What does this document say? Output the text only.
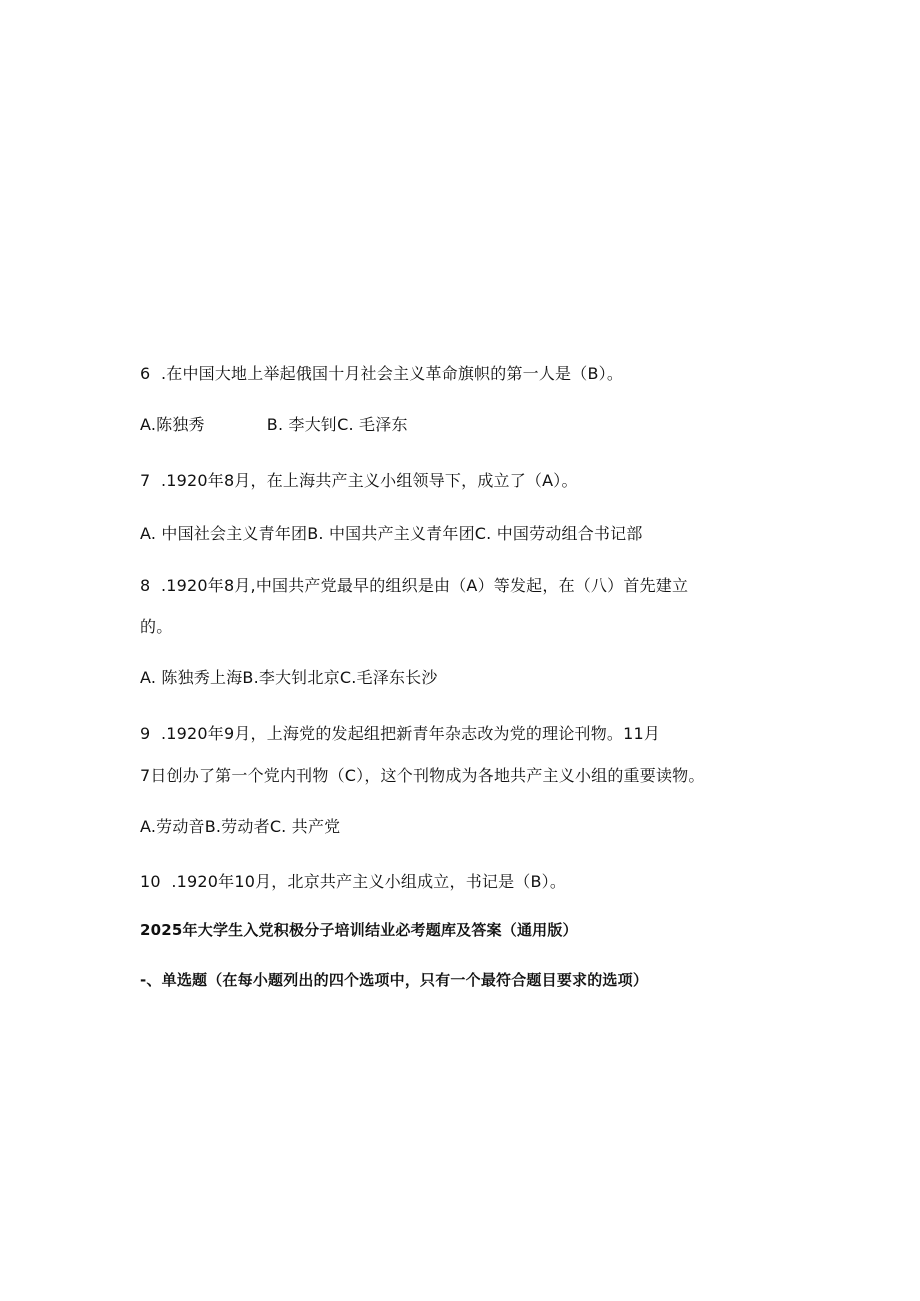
6  .在中国大地上举起俄国十月社会主义革命旗帜的第一人是（B）。
A.陈独秀	B. 李大钊C. 毛泽东
7  .1920年8月，在上海共产主义小组领导下，成立了（A）。
A. 中国社会主义青年团B. 中国共产主义青年团C. 中国劳动组合书记部
8  .1920年8月,中国共产党最早的组织是由（A）等发起，在（八）首先建立
的。
A. 陈独秀上海B.李大钊北京C.毛泽东长沙
9  .1920年9月，上海党的发起组把新青年杂志改为党的理论刊物。11月
7日创办了第一个党内刊物（C），这个刊物成为各地共产主义小组的重要读物。
A.劳动音B.劳动者C. 共产党
10  .1920年10月，北京共产主义小组成立，书记是（B）。
2025年大学生入党积极分子培训结业必考题库及答案（通用版）
-、单选题（在每小题列出的四个选项中，只有一个最符合题目要求的选项）
